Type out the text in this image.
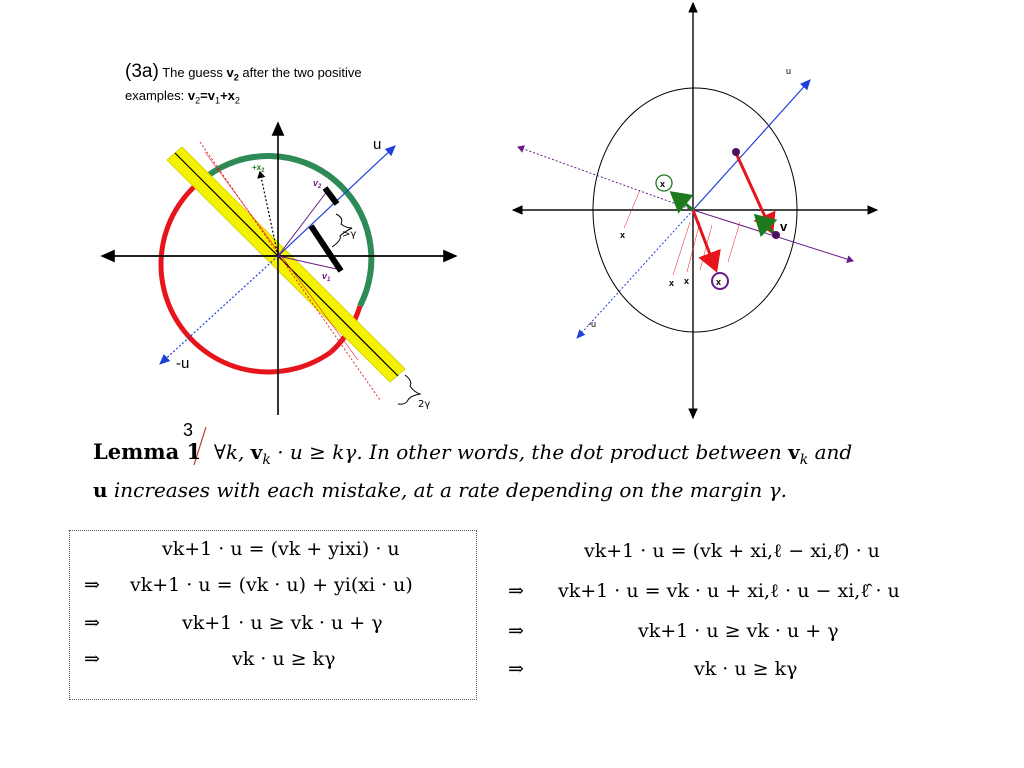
u
-u
$+x_2$
$v_2$
$v_1$
>γ
2γ
u
-u
v
x
x
x x	x
(3a) The guess $v_2$ after the two positive examples: $v_2=v_1+x_2$
3
Lemma 1 ∀k, $v_k \cdot u \ge k\gamma$. In other words, the dot product between $v_k$ and
u increases with each mistake, at a rate depending on the margin γ.
vk+1 · u = (vk + yixi) · u
⇒ vk+1 · u = (vk · u) + yi(xi · u)
⇒	vk+1 · u ≥ vk · u + γ
⇒	vk · u ≥ kγ
vk+1 · u = (vk + xi,ℓ − xi,ℓ̂) · u
⇒ vk+1 · u = vk · u + xi,ℓ · u − xi,ℓ̂ · u
⇒	vk+1 · u ≥ vk · u + γ
⇒	vk · u ≥ kγ
